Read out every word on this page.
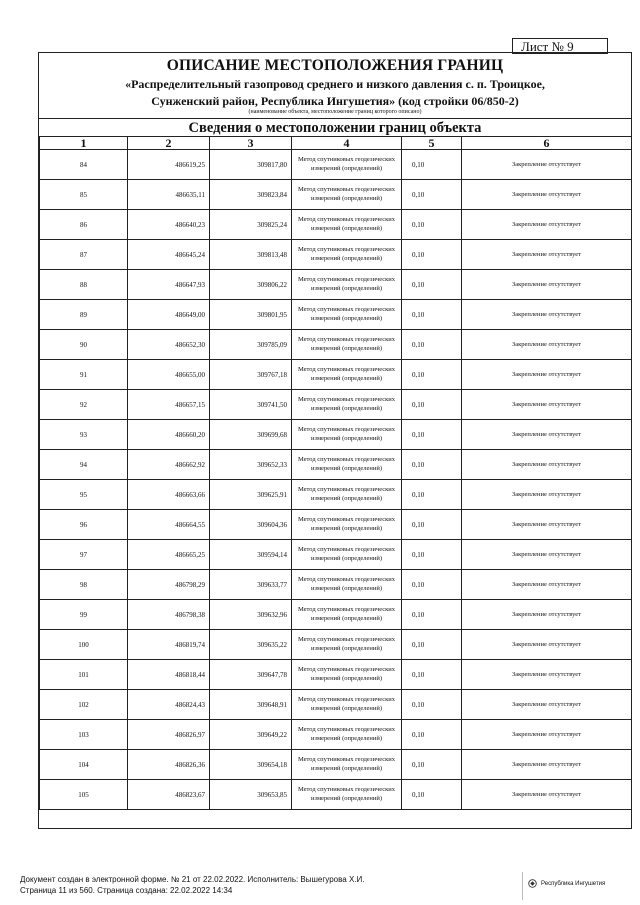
Лист № 9
ОПИСАНИЕ МЕСТОПОЛОЖЕНИЯ ГРАНИЦ
«Распределительный газопровод среднего и низкого давления с. п. Троицкое,
Сунженский район, Республика Ингушетия» (код стройки 06/850-2)
(наименование объекта, местоположение границ которого описано)
Сведения о местоположении границ объекта
1	2	3	4	5	6
84	486619,25	309817,80	Метод спутниковых геодезических измерений (определений)	0,10	Закрепление отсутствует
85	486635,11	309823,84	Метод спутниковых геодезических измерений (определений)	0,10	Закрепление отсутствует
86	486640,23	309825,24	Метод спутниковых геодезических измерений (определений)	0,10	Закрепление отсутствует
87	486645,24	309813,48	Метод спутниковых геодезических измерений (определений)	0,10	Закрепление отсутствует
88	486647,93	309806,22	Метод спутниковых геодезических измерений (определений)	0,10	Закрепление отсутствует
89	486649,00	309801,95	Метод спутниковых геодезических измерений (определений)	0,10	Закрепление отсутствует
90	486652,30	309785,09	Метод спутниковых геодезических измерений (определений)	0,10	Закрепление отсутствует
91	486655,00	309767,18	Метод спутниковых геодезических измерений (определений)	0,10	Закрепление отсутствует
92	486657,15	309741,50	Метод спутниковых геодезических измерений (определений)	0,10	Закрепление отсутствует
93	486660,20	309699,68	Метод спутниковых геодезических измерений (определений)	0,10	Закрепление отсутствует
94	486662,92	309652,33	Метод спутниковых геодезических измерений (определений)	0,10	Закрепление отсутствует
95	486663,66	309625,91	Метод спутниковых геодезических измерений (определений)	0,10	Закрепление отсутствует
96	486664,55	309604,36	Метод спутниковых геодезических измерений (определений)	0,10	Закрепление отсутствует
97	486665,25	309594,14	Метод спутниковых геодезических измерений (определений)	0,10	Закрепление отсутствует
98	486798,29	309633,77	Метод спутниковых геодезических измерений (определений)	0,10	Закрепление отсутствует
99	486798,38	309632,96	Метод спутниковых геодезических измерений (определений)	0,10	Закрепление отсутствует
100	486819,74	309635,22	Метод спутниковых геодезических измерений (определений)	0,10	Закрепление отсутствует
101	486818,44	309647,78	Метод спутниковых геодезических измерений (определений)	0,10	Закрепление отсутствует
102	486824,43	309648,91	Метод спутниковых геодезических измерений (определений)	0,10	Закрепление отсутствует
103	486826,97	309649,22	Метод спутниковых геодезических измерений (определений)	0,10	Закрепление отсутствует
104	486826,36	309654,18	Метод спутниковых геодезических измерений (определений)	0,10	Закрепление отсутствует
105	486823,67	309653,85	Метод спутниковых геодезических измерений (определений)	0,10	Закрепление отсутствует
Документ создан в электронной форме. № 21 от 22.02.2022. Исполнитель: Вышегурова Х.И.
Страница 11 из 560. Страница создана: 22.02.2022 14:34
Республика Ингушетия
